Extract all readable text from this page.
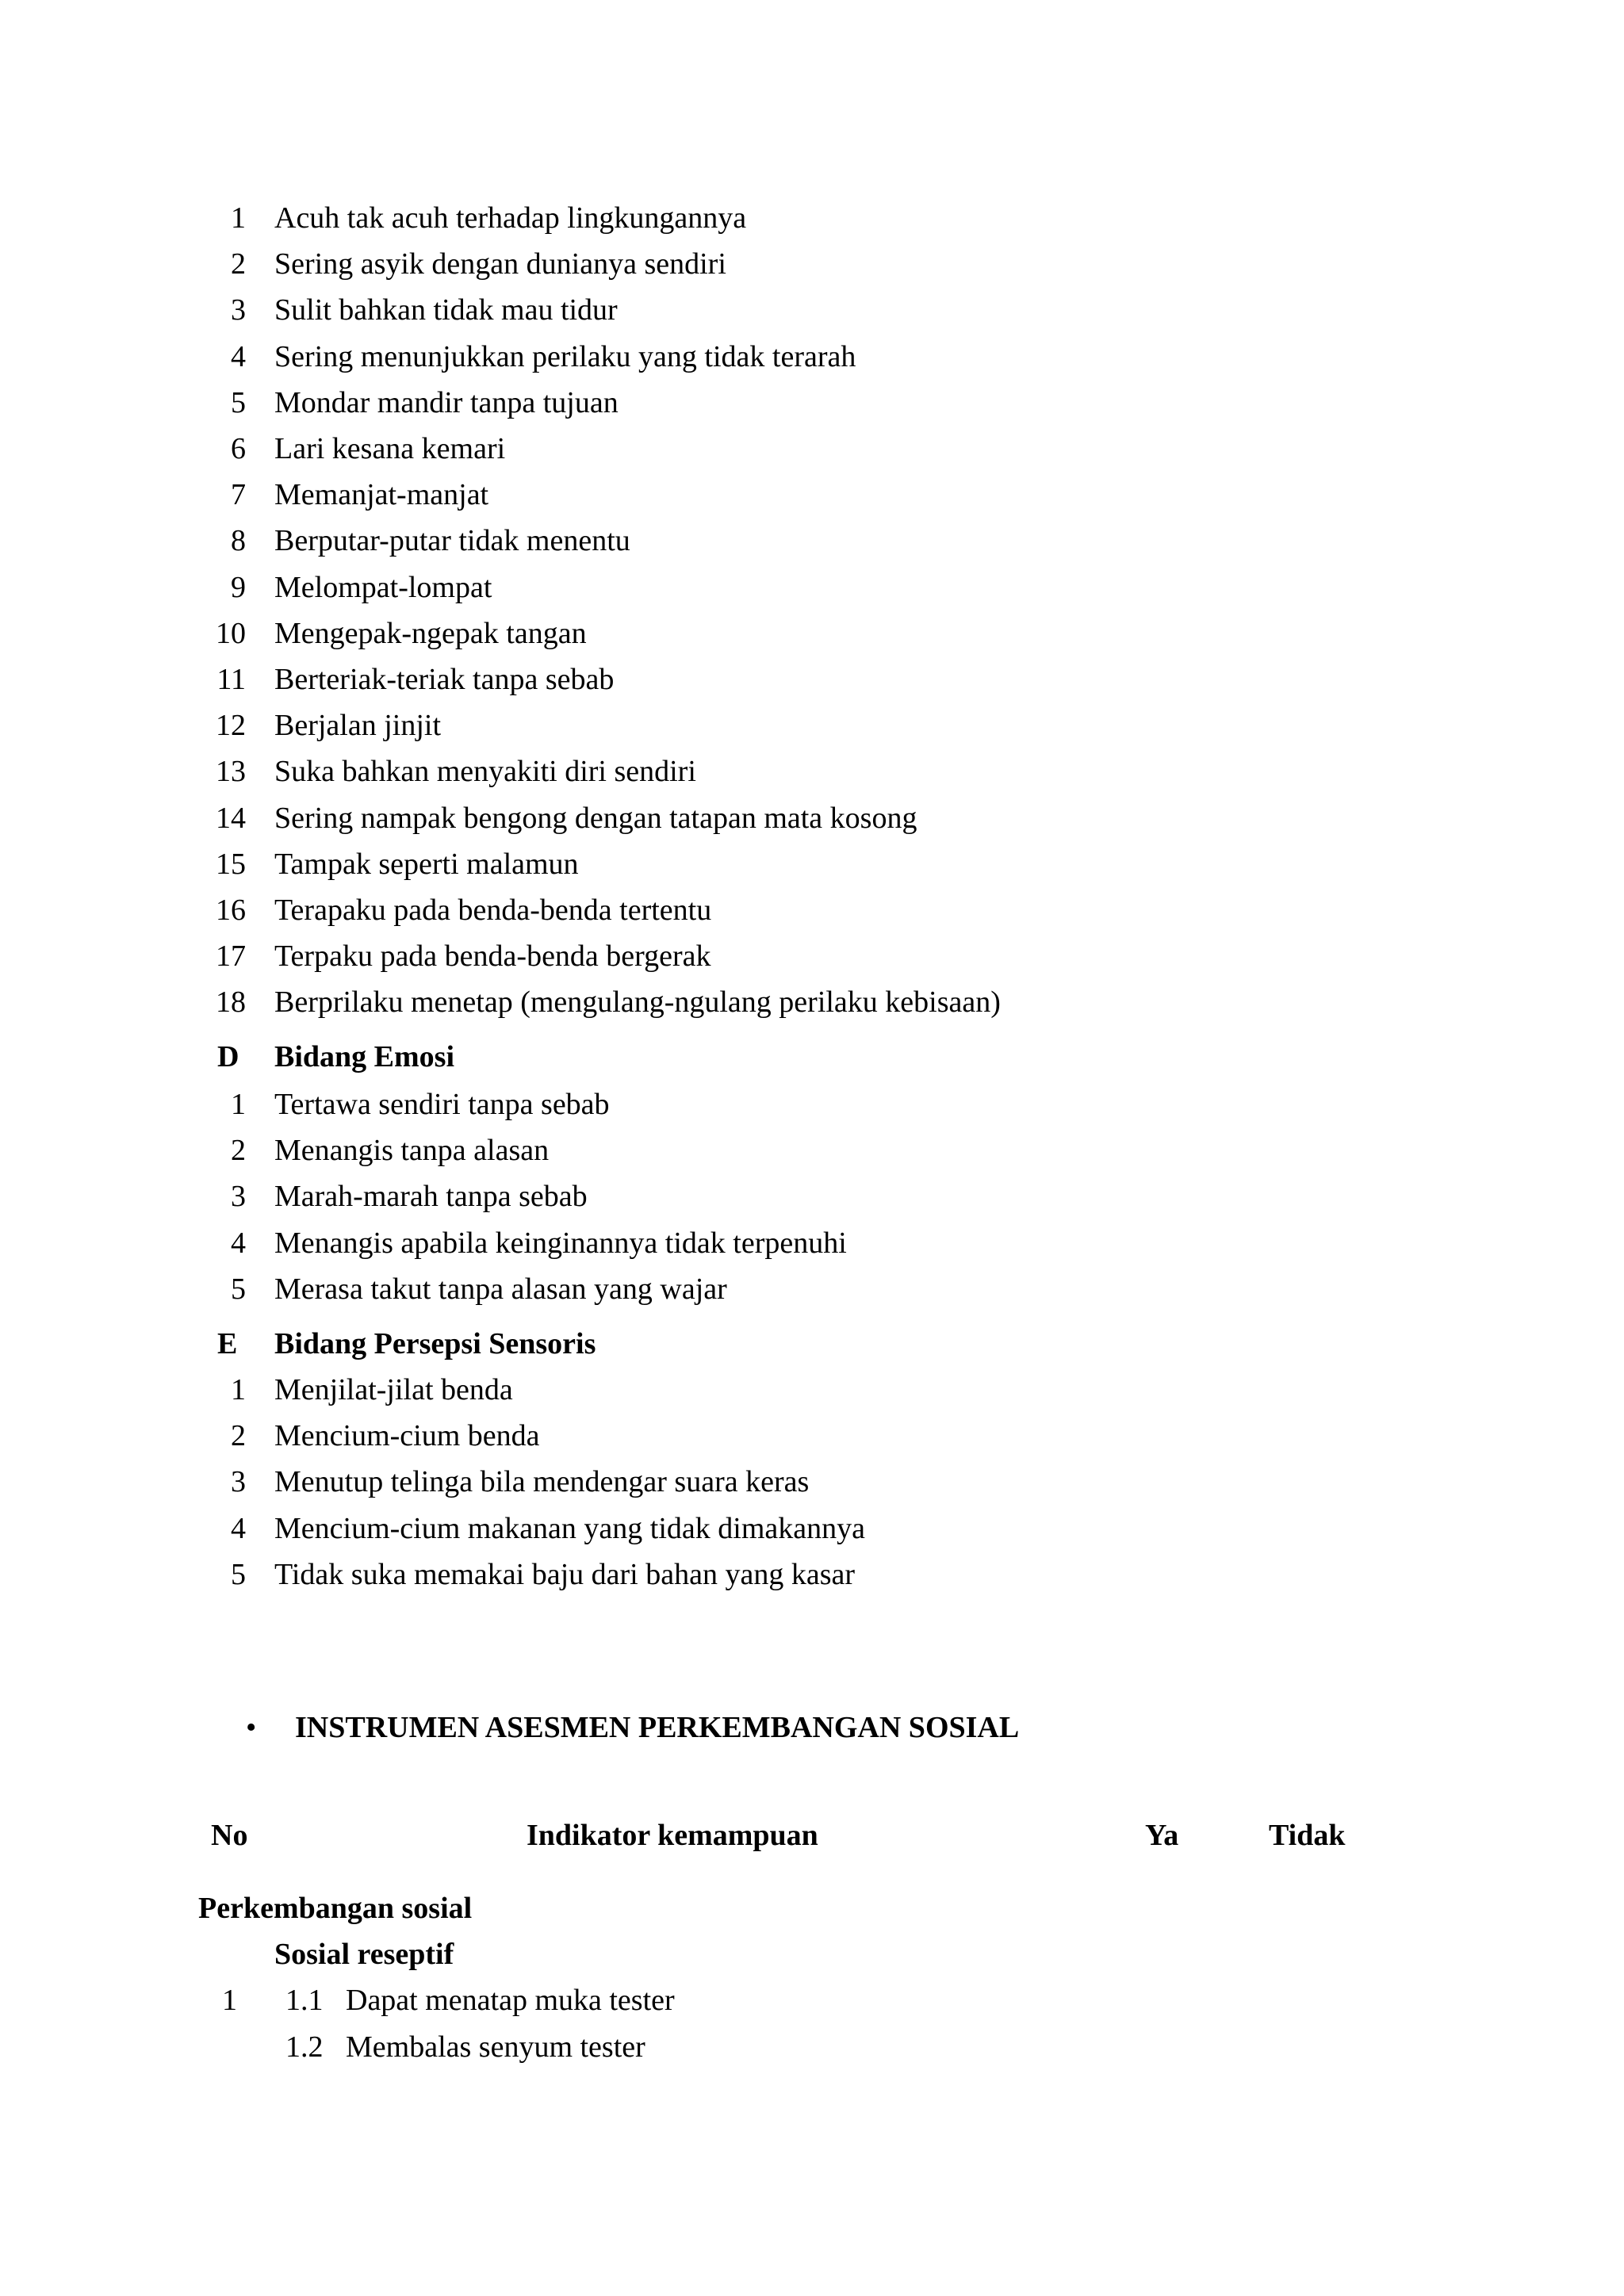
1 Acuh tak acuh terhadap lingkungannya
2 Sering asyik dengan dunianya sendiri
3 Sulit bahkan tidak mau tidur
4 Sering menunjukkan perilaku yang tidak terarah
5 Mondar mandir tanpa tujuan
6 Lari kesana kemari
7 Memanjat-manjat
8 Berputar-putar tidak menentu
9 Melompat-lompat
10 Mengepak-ngepak tangan
11 Berteriak-teriak tanpa sebab
12 Berjalan jinjit
13 Suka bahkan menyakiti diri sendiri
14 Sering nampak bengong dengan tatapan mata kosong
15 Tampak seperti malamun
16 Terapaku pada benda-benda tertentu
17 Terpaku pada benda-benda bergerak
18 Berprilaku menetap (mengulang-ngulang perilaku kebisaan)
D	Bidang Emosi
1 Tertawa sendiri tanpa sebab
2 Menangis tanpa alasan
3 Marah-marah tanpa sebab
4 Menangis apabila keinginannya tidak terpenuhi
5 Merasa takut tanpa alasan yang wajar
E	Bidang Persepsi Sensoris
1 Menjilat-jilat benda
2 Mencium-cium benda
3 Menutup telinga bila mendengar suara keras
4 Mencium-cium makanan yang tidak dimakannya
5 Tidak suka memakai baju dari bahan yang kasar
• INSTRUMEN ASESMEN PERKEMBANGAN SOSIAL
No	Indikator kemampuan	Ya	Tidak
Perkembangan sosial
Sosial reseptif
1 1.1 Dapat menatap muka tester
1.2 Membalas senyum tester
